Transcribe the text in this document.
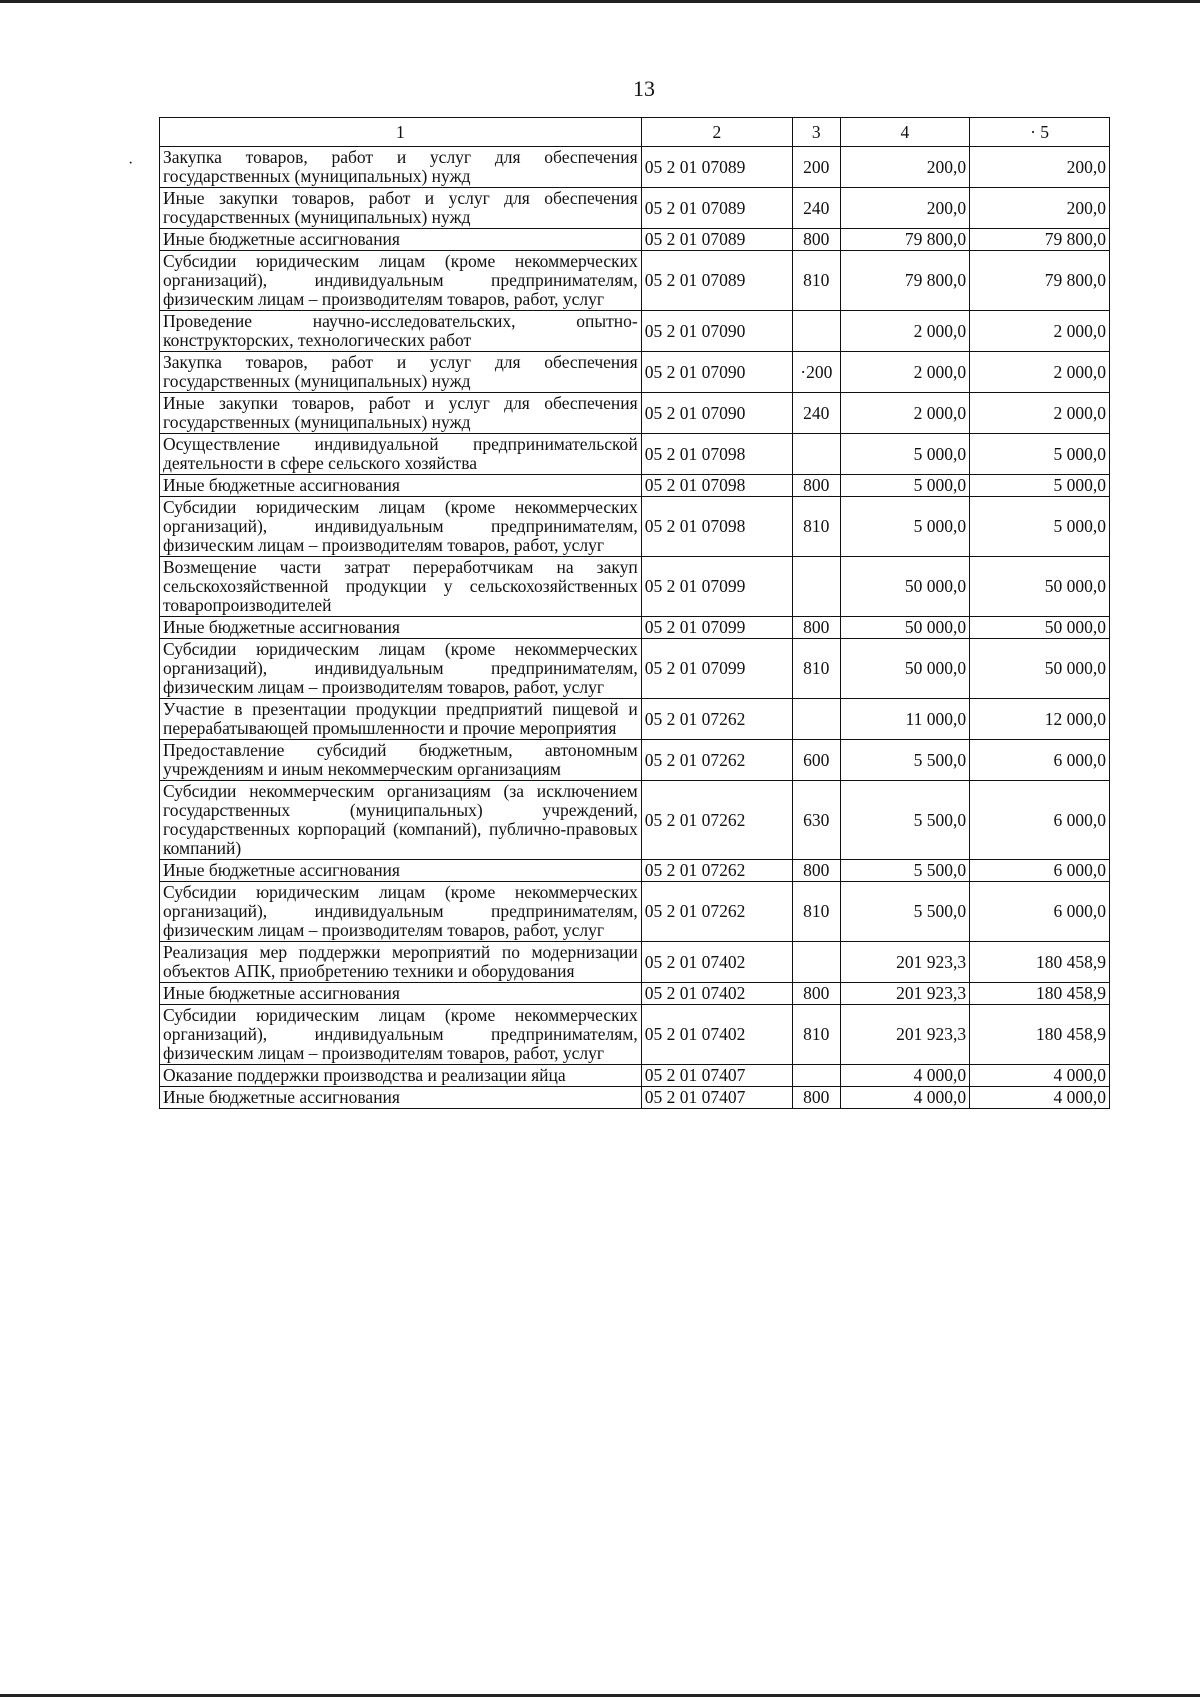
13
·
1	2	3	4	· 5
Закупка товаров, работ и услуг для обеспечения государственных (муниципальных) нужд	05 2 01 07089	200	200,0	200,0
Иные закупки товаров, работ и услуг для обеспечения государственных (муниципальных) нужд	05 2 01 07089	240	200,0	200,0
Иные бюджетные ассигнования	05 2 01 07089	800	79 800,0	79 800,0
Субсидии юридическим лицам (кроме некоммерческих организаций), индивидуальным предпринимателям, физическим лицам – производителям товаров, работ, услуг	05 2 01 07089	810	79 800,0	79 800,0
Проведение научно-исследовательских, опытно-конструкторских, технологических работ	05 2 01 07090		2 000,0	2 000,0
Закупка товаров, работ и услуг для обеспечения государственных (муниципальных) нужд	05 2 01 07090	·200	2 000,0	2 000,0
Иные закупки товаров, работ и услуг для обеспечения государственных (муниципальных) нужд	05 2 01 07090	240	2 000,0	2 000,0
Осуществление индивидуальной предпринимательской деятельности в сфере сельского хозяйства	05 2 01 07098		5 000,0	5 000,0
Иные бюджетные ассигнования	05 2 01 07098	800	5 000,0	5 000,0
Субсидии юридическим лицам (кроме некоммерческих организаций), индивидуальным предпринимателям, физическим лицам – производителям товаров, работ, услуг	05 2 01 07098	810	5 000,0	5 000,0
Возмещение части затрат переработчикам на закуп сельскохозяйственной продукции у сельскохозяйственных товаропроизводителей	05 2 01 07099		50 000,0	50 000,0
Иные бюджетные ассигнования	05 2 01 07099	800	50 000,0	50 000,0
Субсидии юридическим лицам (кроме некоммерческих организаций), индивидуальным предпринимателям, физическим лицам – производителям товаров, работ, услуг	05 2 01 07099	810	50 000,0	50 000,0
Участие в презентации продукции предприятий пищевой и перерабатывающей промышленности и прочие мероприятия	05 2 01 07262		11 000,0	12 000,0
Предоставление субсидий бюджетным, автономным учреждениям и иным некоммерческим организациям	05 2 01 07262	600	5 500,0	6 000,0
Субсидии некоммерческим организациям (за исключением государственных (муниципальных) учреждений, государственных корпораций (компаний), публично-правовых компаний)	05 2 01 07262	630	5 500,0	6 000,0
Иные бюджетные ассигнования	05 2 01 07262	800	5 500,0	6 000,0
Субсидии юридическим лицам (кроме некоммерческих организаций), индивидуальным предпринимателям, физическим лицам – производителям товаров, работ, услуг	05 2 01 07262	810	5 500,0	6 000,0
Реализация мер поддержки мероприятий по модернизации объектов АПК, приобретению техники и оборудования	05 2 01 07402		201 923,3	180 458,9
Иные бюджетные ассигнования	05 2 01 07402	800	201 923,3	180 458,9
Субсидии юридическим лицам (кроме некоммерческих организаций), индивидуальным предпринимателям, физическим лицам – производителям товаров, работ, услуг	05 2 01 07402	810	201 923,3	180 458,9
Оказание поддержки производства и реализации яйца	05 2 01 07407		4 000,0	4 000,0
Иные бюджетные ассигнования	05 2 01 07407	800	4 000,0	4 000,0
